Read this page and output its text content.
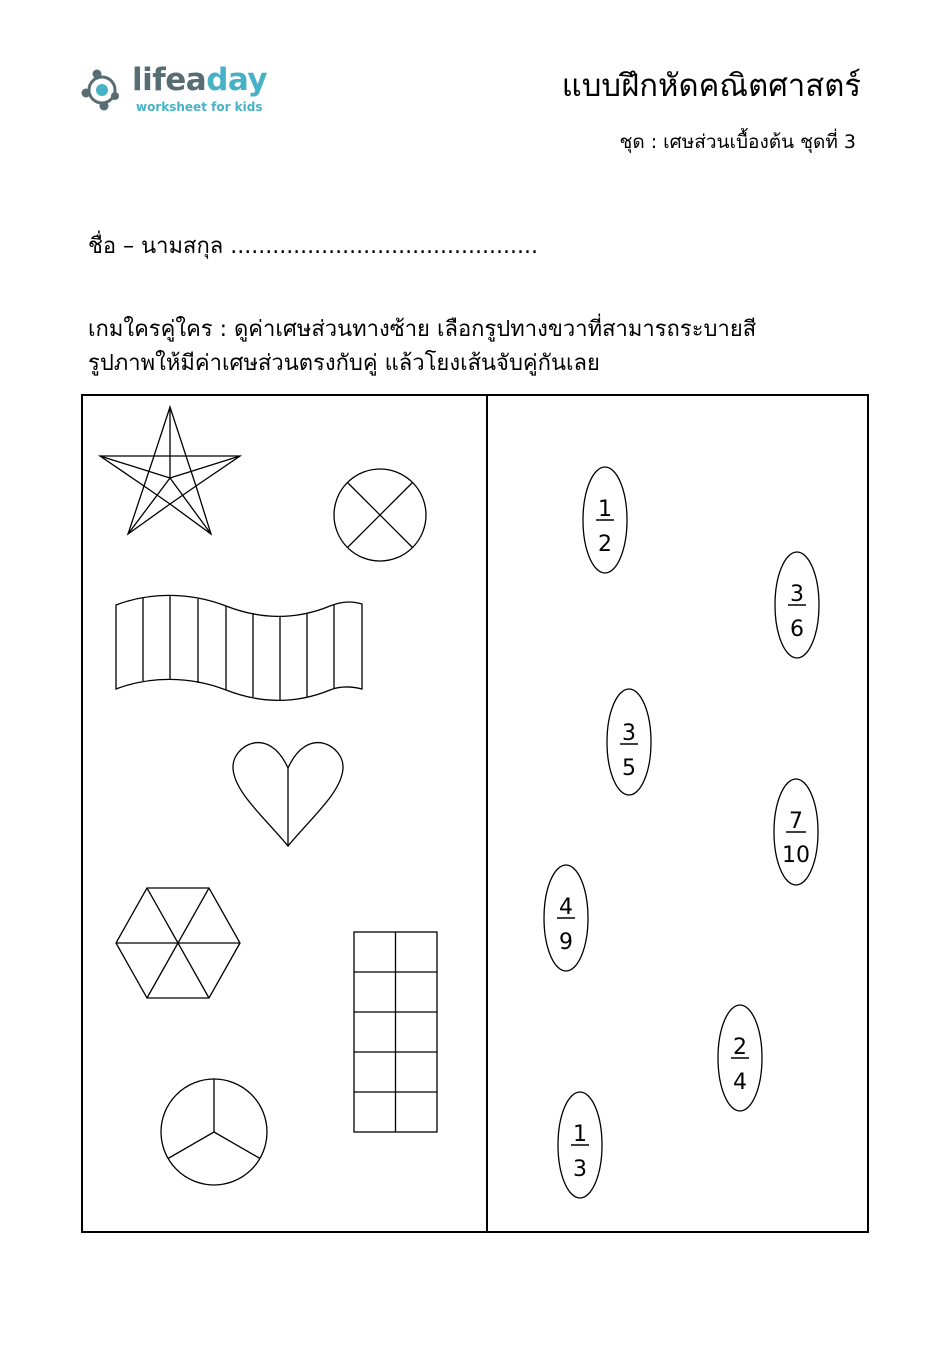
lifeaday
worksheet for kids
แบบฝึกหัดคณิตศาสตร์
ชุด : เศษส่วนเบื้องต้น ชุดที่ 3
ชื่อ – นามสกุล ............................................
เกมใครคู่ใคร : ดูค่าเศษส่วนทางซ้าย เลือกรูปทางขวาที่สามารถระบายสี
รูปภาพให้มีค่าเศษส่วนตรงกับคู่ แล้วโยงเส้นจับคู่กันเลย
1
2
3
6
3
5
7
10
4
9
2
4
1
3
